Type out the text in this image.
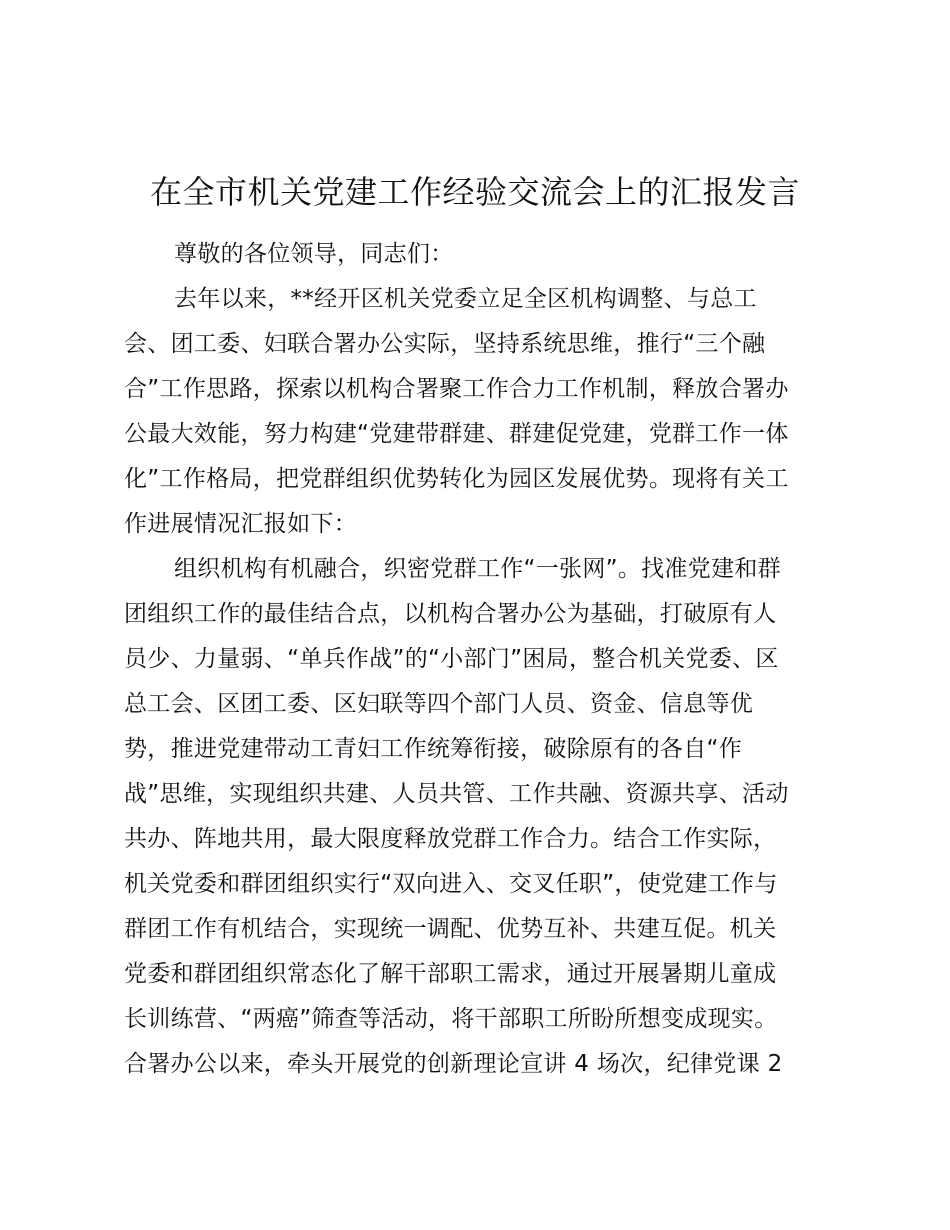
在全市机关党建工作经验交流会上的汇报发言
尊敬的各位领导，同志们：
去年以来，**经开区机关党委立足全区机构调整、与总工
会、团工委、妇联合署办公实际，坚持系统思维，推行“三个融
合”工作思路，探索以机构合署聚工作合力工作机制，释放合署办
公最大效能，努力构建“党建带群建、群建促党建，党群工作一体
化”工作格局，把党群组织优势转化为园区发展优势。现将有关工
作进展情况汇报如下：
组织机构有机融合，织密党群工作“一张网”。找准党建和群
团组织工作的最佳结合点，以机构合署办公为基础，打破原有人
员少、力量弱、“单兵作战”的“小部门”困局，整合机关党委、区
总工会、区团工委、区妇联等四个部门人员、资金、信息等优
势，推进党建带动工青妇工作统筹衔接，破除原有的各自“作
战”思维，实现组织共建、人员共管、工作共融、资源共享、活动
共办、阵地共用，最大限度释放党群工作合力。结合工作实际，
机关党委和群团组织实行“双向进入、交叉任职”，使党建工作与
群团工作有机结合，实现统一调配、优势互补、共建互促。机关
党委和群团组织常态化了解干部职工需求，通过开展暑期儿童成
长训练营、“两癌”筛查等活动，将干部职工所盼所想变成现实。
合署办公以来，牵头开展党的创新理论宣讲 4 场次，纪律党课 2
